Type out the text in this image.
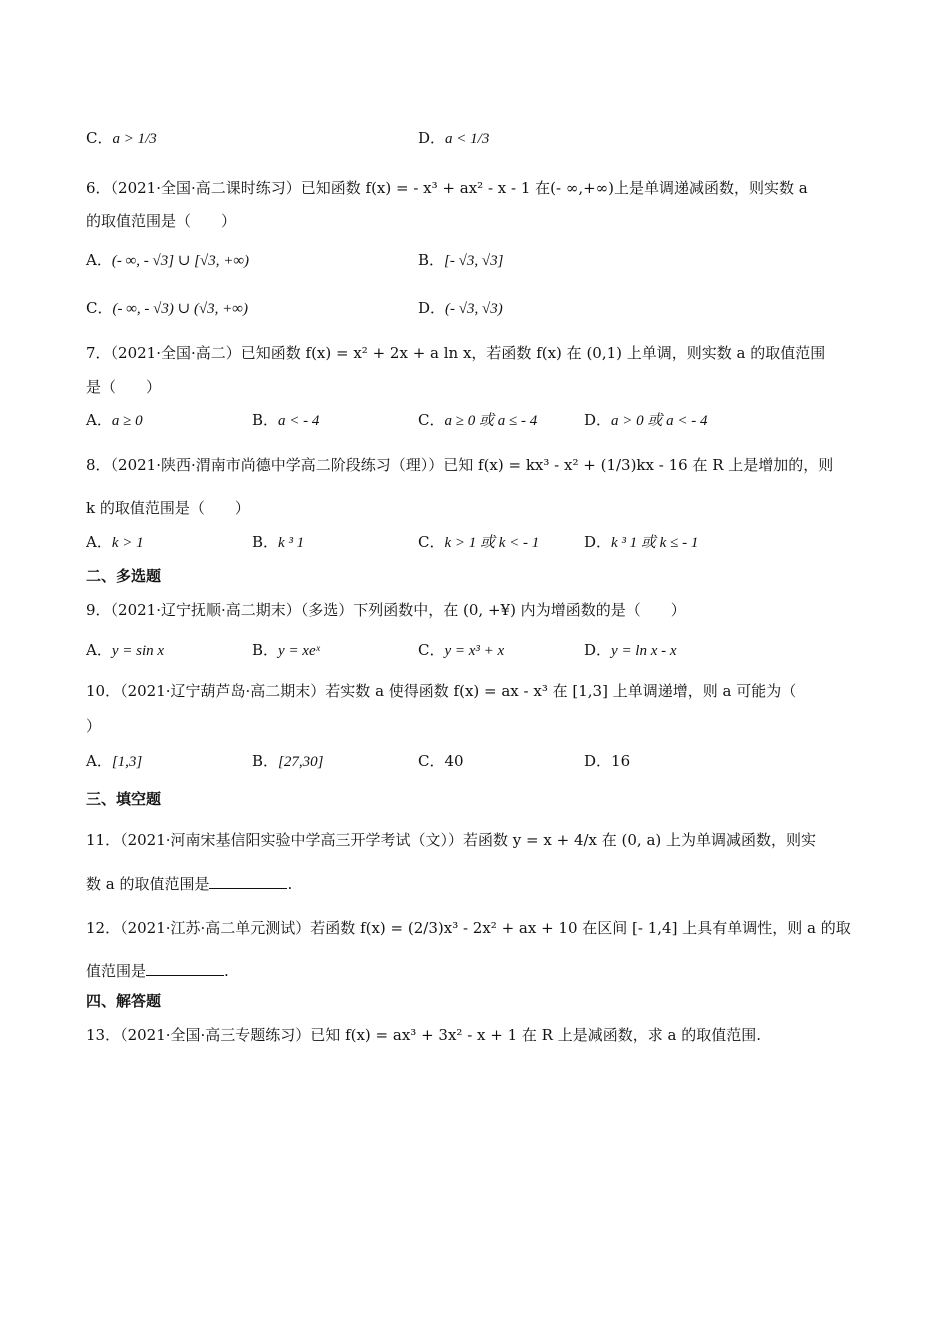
C．a > 1/3	D．a < 1/3
6．（2021·全国·高二课时练习）已知函数 f(x) = - x³ + ax² - x - 1 在(- ∞,+∞)上是单调递减函数，则实数 a
的取值范围是（　　）
A．(- ∞, - √3] ∪ [√3, +∞)	B．[- √3, √3]
C．(- ∞, - √3) ∪ (√3, +∞)	D．(- √3, √3)
7．（2021·全国·高二）已知函数 f(x) = x² + 2x + a ln x，若函数 f(x) 在 (0,1) 上单调，则实数 a 的取值范围
是（　　）
A．a ≥ 0	B．a < - 4	C．a ≥ 0 或 a ≤ - 4	D．a > 0 或 a < - 4
8．（2021·陕西·渭南市尚德中学高二阶段练习（理））已知 f(x) = kx³ - x² + (1/3)kx - 16 在 R 上是增加的，则
k 的取值范围是（　　）
A．k > 1	B．k ³ 1	C．k > 1 或 k < - 1	D．k ³ 1 或 k ≤ - 1
二、多选题
9．（2021·辽宁抚顺·高二期末）（多选）下列函数中，在 (0, +¥) 内为增函数的是（　　）
A．y = sin x	B．y = xeˣ	C．y = x³ + x	D．y = ln x - x
10．（2021·辽宁葫芦岛·高二期末）若实数 a 使得函数 f(x) = ax - x³ 在 [1,3] 上单调递增，则 a 可能为（
）
A．[1,3]	B．[27,30]	C．40	D．16
三、填空题
11．（2021·河南宋基信阳实验中学高三开学考试（文））若函数 y = x + 4/x 在 (0, a) 上为单调减函数，则实
数 a 的取值范围是	.
12．（2021·江苏·高二单元测试）若函数 f(x) = (2/3)x³ - 2x² + ax + 10 在区间 [- 1,4] 上具有单调性，则 a 的取
值范围是	.
四、解答题
13．（2021·全国·高三专题练习）已知 f(x) = ax³ + 3x² - x + 1 在 R 上是减函数，求 a 的取值范围.
